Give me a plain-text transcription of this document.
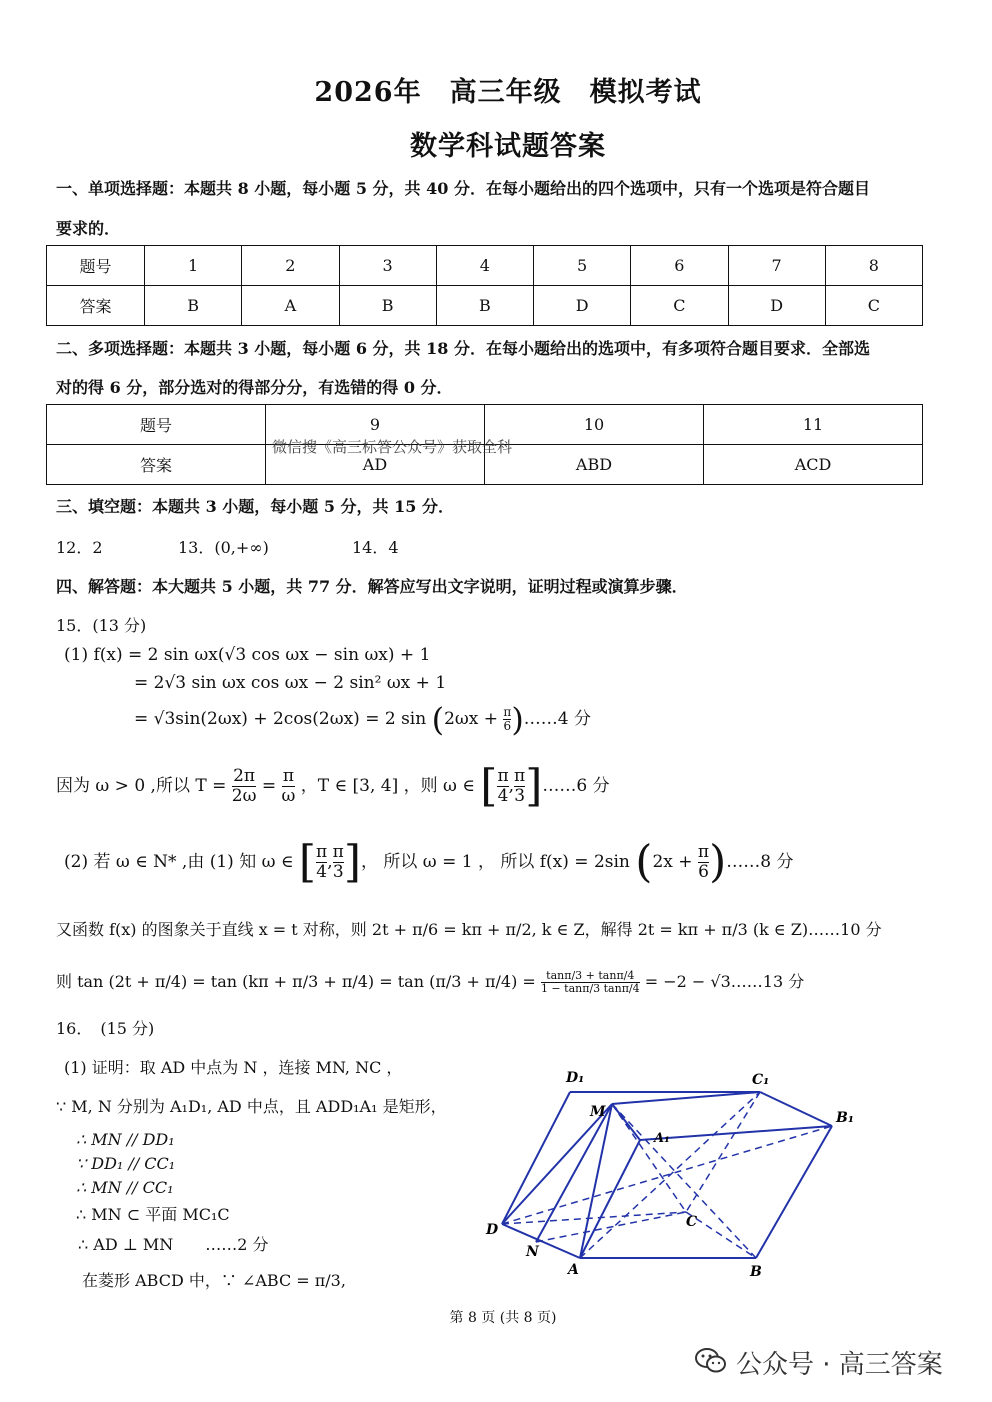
2026年　高三年级　模拟考试
数学科试题答案
一、单项选择题：本题共 8 小题，每小题 5 分，共 40 分．在每小题给出的四个选项中，只有一个选项是符合题目
要求的．
题号	1	2	3	4	5	6	7	8
答案	B	A	B	B	D	C	D	C
二、多项选择题：本题共 3 小题，每小题 6 分，共 18 分．在每小题给出的选项中，有多项符合题目要求．全部选
对的得 6 分，部分选对的得部分分，有选错的得 0 分．
题号	9	10	11
答案	AD	ABD	ACD
微信搜《高三标答公众号》获取全科
三、填空题：本题共 3 小题，每小题 5 分，共 15 分．
12．2	13．(0,+∞)	14．4
四、解答题：本大题共 5 小题，共 77 分．解答应写出文字说明，证明过程或演算步骤．
15．(13 分)
(1) f(x) = 2 sin ωx(√3 cos ωx − sin ωx) + 1
= 2√3 sin ωx cos ωx − 2 sin² ωx + 1
= √3sin(2ωx) + 2cos(2ωx) = 2 $\sin (2\omega x + \frac{\pi}{6}$ )……4 分
因为 ω > 0 ,所以 $T = \frac{2\pi}{2\omega} = \frac{\pi}{\omega}$ ，T ∈ [3, 4] ，则 ω ∈ [ $\frac{\pi}{4}$ , $\frac{\pi}{3}$ ]……6 分
(2) 若 ω ∈ N* ,由 (1) 知 ω ∈ [ $\frac{\pi}{4}$ , $\frac{\pi}{3}$ ]， 所以 ω = 1 ， 所以 f(x) = 2sin ($2x + \frac{\pi}{6}$ )……8 分
又函数 f(x) 的图象关于直线 x = t 对称，则 2t + π/6 = kπ + π/2, k ∈ Z，解得 2t = kπ + π/3 (k ∈ Z)……10 分
则 $\tan (2t + \pi/4) = \tan (k\pi + \pi/3 + \pi/4) = \tan (\pi/3 + \pi/4) = \frac{\tan\pi/3 + \tan\pi/4}{1 - \tan\pi/3 \tan\pi/4} = -2$ − √3……13 分
16．　(15 分)
(1) 证明：取 AD 中点为 N ，连接 MN, NC ，
∵ M, N 分别为 A₁D₁, AD 中点，且 ADD₁A₁ 是矩形，
∴ MN // DD₁
∵ DD₁ // CC₁
∴ MN // CC₁
∴ MN ⊂ 平面 MC₁C
∴ AD ⊥ MN　　……2 分
在菱形 ABCD 中，∵ ∠ABC = π/3,
D₁	C₁
B₁
A₁
M
D
N
A
C
B
第 8 页 (共 8 页)
公众号 · 高三答案
